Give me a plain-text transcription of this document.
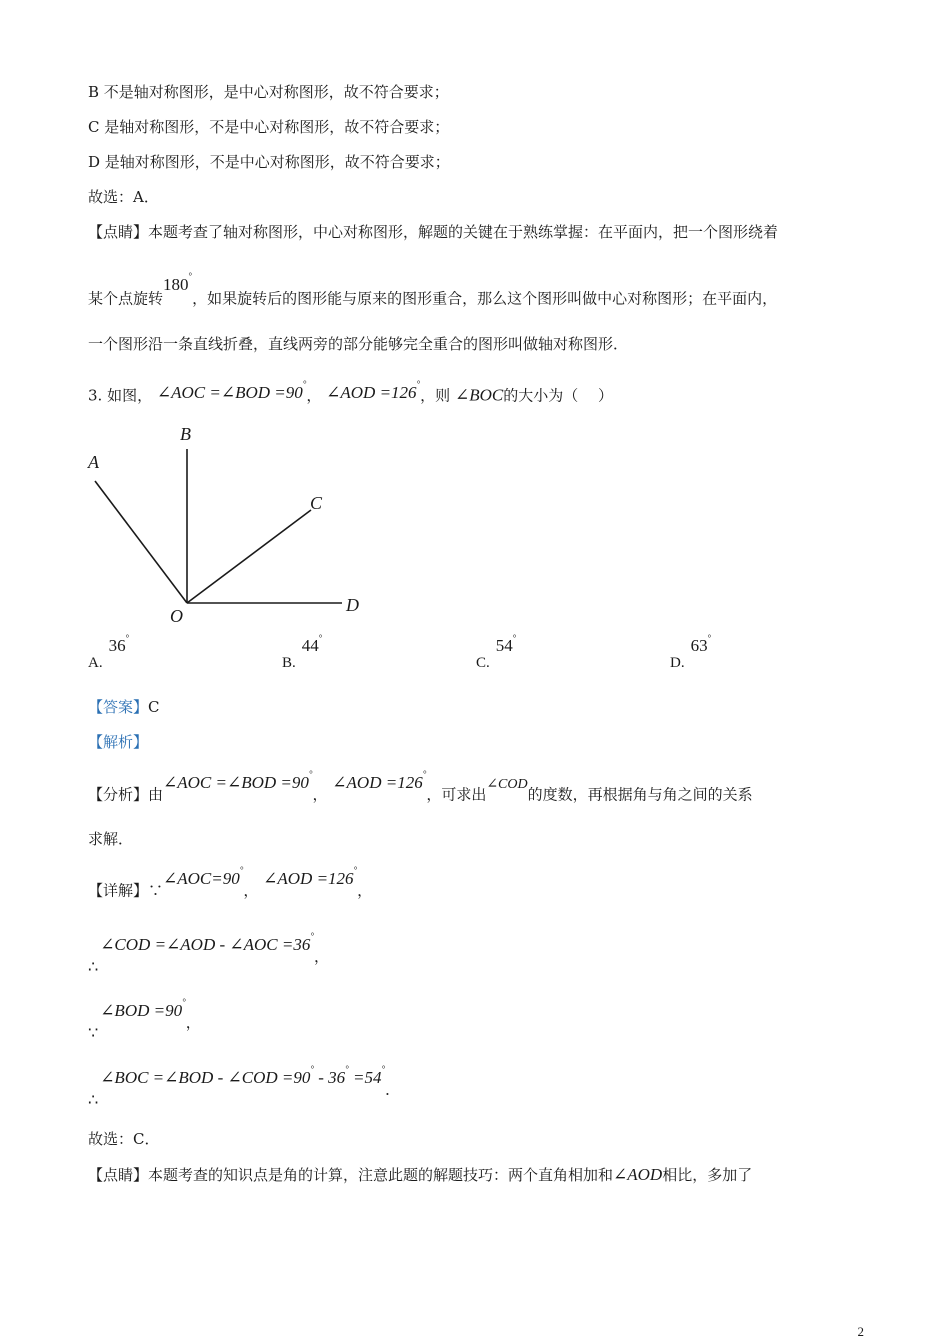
B 不是轴对称图形，是中心对称图形，故不符合要求；
C 是轴对称图形，不是中心对称图形，故不符合要求；
D 是轴对称图形，不是中心对称图形，故不符合要求；
故选：A．
【点睛】本题考查了轴对称图形，中心对称图形，解题的关键在于熟练掌握：在平面内，把一个图形绕着
某个点旋转180°，如果旋转后的图形能与原来的图形重合，那么这个图形叫做中心对称图形；在平面内，
一个图形沿一条直线折叠，直线两旁的部分能够完全重合的图形叫做轴对称图形．
3. 如图， ∠AOC =∠BOD =90°， ∠AOD =126°，则 ∠BOC的大小为（　 ）
A
B
C
D
O
A.36°
B.44°
C.54°
D.63°
【答案】C
【解析】
【分析】由∠AOC =∠BOD =90°， ∠AOD =126°，可求出∠COD的度数，再根据角与角之间的关系
求解．
【详解】∵∠AOC=90°， ∠AOD =126°，
∴∠COD =∠AOD - ∠AOC =36°，
∵∠BOD =90°，
∴∠BOC =∠BOD - ∠COD =90° - 36° =54°．
故选：C．
【点睛】本题考查的知识点是角的计算，注意此题的解题技巧：两个直角相加和∠AOD相比，多加了
2
